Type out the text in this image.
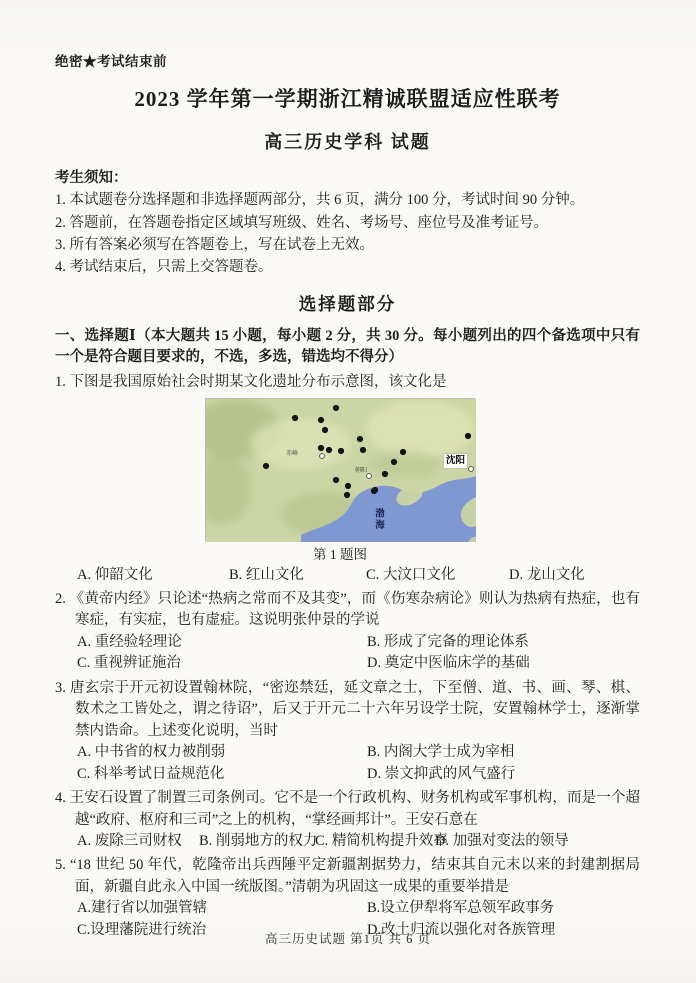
绝密★考试结束前
2023 学年第一学期浙江精诚联盟适应性联考
高三历史学科 试题
考生须知：
1. 本试题卷分选择题和非选择题两部分，共 6 页，满分 100 分，考试时间 90 分钟。
2. 答题前，在答题卷指定区域填写班级、姓名、考场号、座位号及准考证号。
3. 所有答案必须写在答题卷上，写在试卷上无效。
4. 考试结束后，只需上交答题卷。
选择题部分
一、选择题Ⅰ（本大题共 15 小题，每小题 2 分，共 30 分。每小题列出的四个备选项中只有一个是符合题目要求的，不选，多选，错选均不得分）
1. 下图是我国原始社会时期某文化遗址分布示意图，该文化是
赤峰
朝阳
沈阳
渤海
第 1 题图
A. 仰韶文化	B. 红山文化	C. 大汶口文化	D. 龙山文化
2. 《黄帝内经》只论述“热病之常而不及其变”，而《伤寒杂病论》则认为热病有热症，也有寒症，有实症，也有虚症。这说明张仲景的学说
A. 重经验轻理论	B. 形成了完备的理论体系
C. 重视辨证施治	D. 奠定中医临床学的基础
3. 唐玄宗于开元初设置翰林院，“密迩禁廷，延文章之士，下至僧、道、书、画、琴、棋、数术之工皆处之，谓之待诏”，后又于开元二十六年另设学士院，安置翰林学士，逐渐掌禁内诰命。上述变化说明，当时
A. 中书省的权力被削弱	B. 内阁大学士成为宰相
C. 科举考试日益规范化	D. 崇文抑武的风气盛行
4. 王安石设置了制置三司条例司。它不是一个行政机构、财务机构或军事机构，而是一个超越“政府、枢府和三司”之上的机构，“掌经画邦计”。王安石意在
A. 废除三司财权	B. 削弱地方的权力
C. 精简机构提升效率
D. 加强对变法的领导
5. “18 世纪 50 年代，乾隆帝出兵西陲平定新疆割据势力，结束其自元末以来的封建割据局面，新疆自此永入中国一统版图。”清朝为巩固这一成果的重要举措是
A.建行省以加强管辖	B.设立伊犁将军总领军政事务
C.设理藩院进行统治	D.改土归流以强化对各族管理
高三历史试题 第1页 共 6 页
